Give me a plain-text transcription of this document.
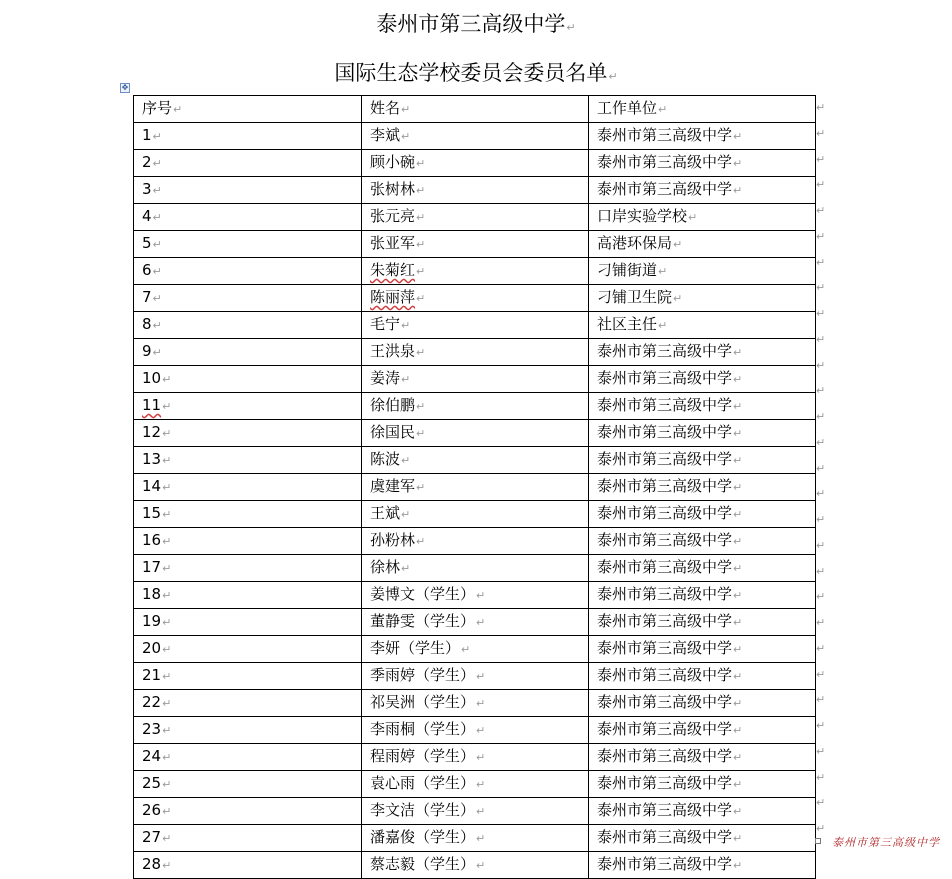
泰州市第三高级中学↵
国际生态学校委员会委员名单↵
✥
序号↵	姓名↵	工作单位↵
1↵	李斌↵	泰州市第三高级中学↵
2↵	顾小碗↵	泰州市第三高级中学↵
3↵	张树林↵	泰州市第三高级中学↵
4↵	张元亮↵	口岸实验学校↵
5↵	张亚军↵	高港环保局↵
6↵	朱菊红↵	刁铺街道↵
7↵	陈丽萍↵	刁铺卫生院↵
8↵	毛宁↵	社区主任↵
9↵	王洪泉↵	泰州市第三高级中学↵
10↵	姜涛↵	泰州市第三高级中学↵
11↵	徐伯鹏↵	泰州市第三高级中学↵
12↵	徐国民↵	泰州市第三高级中学↵
13↵	陈波↵	泰州市第三高级中学↵
14↵	虞建军↵	泰州市第三高级中学↵
15↵	王斌↵	泰州市第三高级中学↵
16↵	孙粉林↵	泰州市第三高级中学↵
17↵	徐林↵	泰州市第三高级中学↵
18↵	姜博文（学生）↵	泰州市第三高级中学↵
19↵	董静雯（学生）↵	泰州市第三高级中学↵
20↵	李妍（学生）↵	泰州市第三高级中学↵
21↵	季雨婷（学生）↵	泰州市第三高级中学↵
22↵	祁吴洲（学生）↵	泰州市第三高级中学↵
23↵	李雨桐（学生）↵	泰州市第三高级中学↵
24↵	程雨婷（学生）↵	泰州市第三高级中学↵
25↵	袁心雨（学生）↵	泰州市第三高级中学↵
26↵	李文洁（学生）↵	泰州市第三高级中学↵
27↵	潘嘉俊（学生）↵	泰州市第三高级中学↵
28↵	蔡志毅（学生）↵	泰州市第三高级中学↵
↵
↵
↵
↵
↵
↵
↵
↵
↵
↵
↵
↵
↵
↵
↵
↵
↵
↵
↵
↵
↵
↵
↵
↵
↵
↵
↵
↵
↵
泰州市第三高级中学
